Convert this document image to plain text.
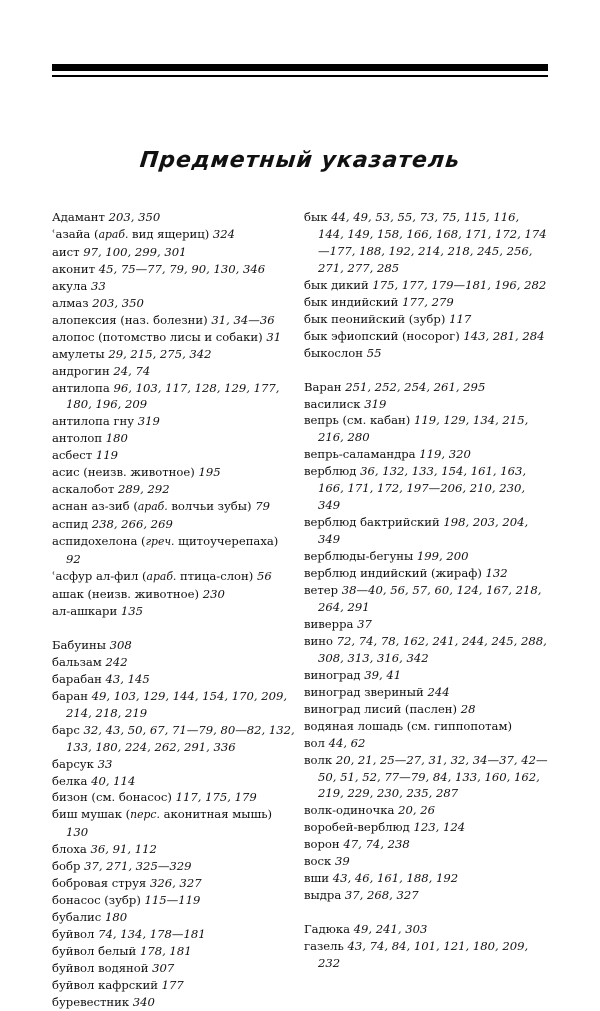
Предметный указатель
Адамант 203, 350
ʿазайа (араб. вид ящериц) 324
аист 97, 100, 299, 301
аконит 45, 75—77, 79, 90, 130, 346
акула 33
алмаз 203, 350
алопексия (наз. болезни) 31, 34—36
алопос (потомство лисы и собаки) 31
амулеты 29, 215, 275, 342
андрогин 24, 74
антилопа 96, 103, 117, 128, 129, 177, 180, 196, 209
антилопа гну 319
антолоп 180
асбест 119
асис (неизв. животное) 195
аскалобот 289, 292
аснан аз-зиб (араб. волчьи зубы) 79
аспид 238, 266, 269
аспидохелона (греч. щитоучерепаха) 92
ʿасфур ал-фил (араб. птица-слон) 56
ашак (неизв. животное) 230
ал-ашкари 135
Бабуины 308
бальзам 242
барабан 43, 145
баран 49, 103, 129, 144, 154, 170, 209, 214, 218, 219
барс 32, 43, 50, 67, 71—79, 80—82, 132, 133, 180, 224, 262, 291, 336
барсук 33
белка 40, 114
бизон (см. бонасос) 117, 175, 179
биш мушак (перс. аконитная мышь) 130
блоха 36, 91, 112
бобр 37, 271, 325—329
бобровая струя 326, 327
бонасос (зубр) 115—119
бубалис 180
буйвол 74, 134, 178—181
буйвол белый 178, 181
буйвол водяной 307
буйвол кафрский 177
буревестник 340
бык 44, 49, 53, 55, 73, 75, 115, 116, 144, 149, 158, 166, 168, 171, 172, 174—177, 188, 192, 214, 218, 245, 256, 271, 277, 285
бык дикий 175, 177, 179—181, 196, 282
бык индийский 177, 279
бык пеонийский (зубр) 117
бык эфиопский (носорог) 143, 281, 284
быкослон 55
Варан 251, 252, 254, 261, 295
василиск 319
вепрь (см. кабан) 119, 129, 134, 215, 216, 280
вепрь-саламандра 119, 320
верблюд 36, 132, 133, 154, 161, 163, 166, 171, 172, 197—206, 210, 230, 349
верблюд бактрийский 198, 203, 204, 349
верблюды-бегуны 199, 200
верблюд индийский (жираф) 132
ветер 38—40, 56, 57, 60, 124, 167, 218, 264, 291
виверра 37
вино 72, 74, 78, 162, 241, 244, 245, 288, 308, 313, 316, 342
виноград 39, 41
виноград звериный 244
виноград лисий (паслен) 28
водяная лошадь (см. гиппопотам)
вол 44, 62
волк 20, 21, 25—27, 31, 32, 34—37, 42—50, 51, 52, 77—79, 84, 133, 160, 162, 219, 229, 230, 235, 287
волк-одиночка 20, 26
воробей-верблюд 123, 124
ворон 47, 74, 238
воск 39
вши 43, 46, 161, 188, 192
выдра 37, 268, 327
Гадюка 49, 241, 303
газель 43, 74, 84, 101, 121, 180, 209, 232
